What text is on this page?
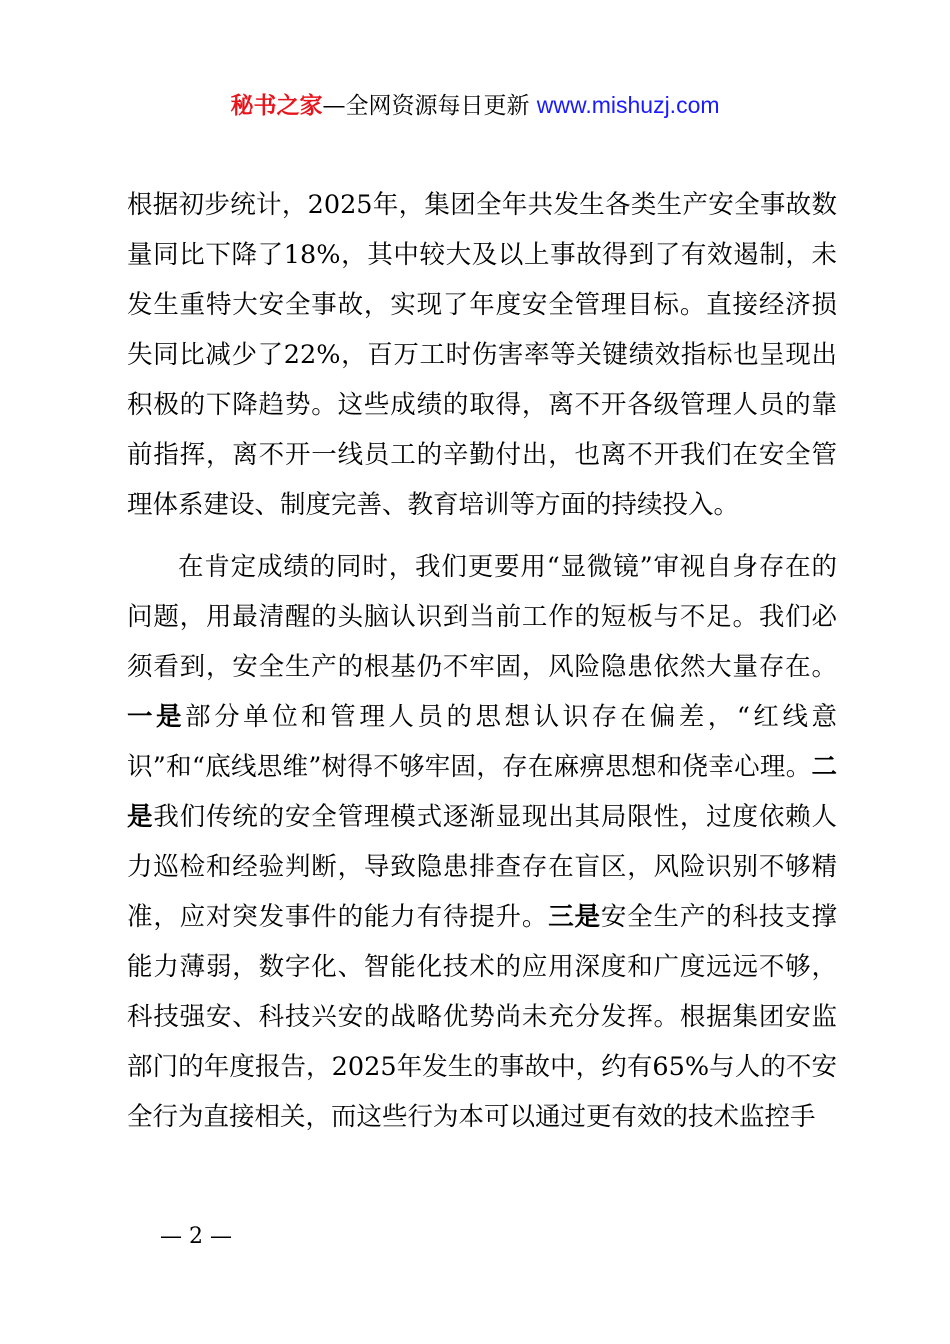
秘书之家—全网资源每日更新 www.mishuzj.com

根据初步统计，2025年，集团全年共发生各类生产安全事故数量同比下降了18%，其中较大及以上事故得到了有效遏制，未发生重特大安全事故，实现了年度安全管理目标。直接经济损失同比减少了22%，百万工时伤害率等关键绩效指标也呈现出积极的下降趋势。这些成绩的取得，离不开各级管理人员的靠前指挥，离不开一线员工的辛勤付出，也离不开我们在安全管理体系建设、制度完善、教育培训等方面的持续投入。

在肯定成绩的同时，我们更要用“显微镜”审视自身存在的问题，用最清醒的头脑认识到当前工作的短板与不足。我们必须看到，安全生产的根基仍不牢固，风险隐患依然大量存在。一是部分单位和管理人员的思想认识存在偏差，“红线意识”和“底线思维”树得不够牢固，存在麻痹思想和侥幸心理。二是我们传统的安全管理模式逐渐显现出其局限性，过度依赖人力巡检和经验判断，导致隐患排查存在盲区，风险识别不够精准，应对突发事件的能力有待提升。三是安全生产的科技支撑能力薄弱，数字化、智能化技术的应用深度和广度远远不够，科技强安、科技兴安的战略优势尚未充分发挥。根据集团安监部门的年度报告，2025年发生的事故中，约有65%与人的不安全行为直接相关，而这些行为本可以通过更有效的技术监控手

— 2 —
